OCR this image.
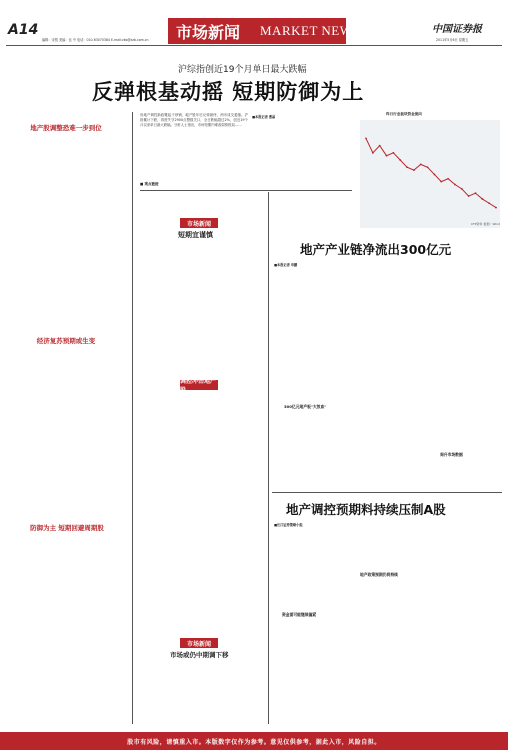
A14
编辑：宋银 美编：伍 中 电话：010-63070384 E-mail:zbs@zzb.com.cn 市场新闻 MARKET NEWS	中国证券报
2011年5月6日 星期五
沪综指创近19个月单日最大跌幅
反弹根基动摇 短期防御为上
地产股调整恐难一步到位
经济复苏预期或生变
防御为主 短期回避周期股
房地产调控新政靴起于砂锅，地产股年后反弹最终，两市成交萎缩。沪指累计下跌，再度失守2900点整数关口，全日跌幅超过2%，创近19个月以来单日最大跌幅。分析人士指出，市场短期内难改弱势格局……
■本报记者 曹晶
昨日行业板块资金流向
CFP资料 数据：Wind
■ 观点链接
市场新闻
短期宜谨慎
调控冲击地产股
市场新闻
市场或仍中期调下移
地产产业链净流出300亿元
■本报记者 申鹏
300亿元地产板"大放血"
周升市场数据
地产调控预期料持续压制A股
■长江证券策略小组
资金面可能继续偏紧
地产政策预期仍将持续
股市有风险，请慎重入市。本版数字仅作为参考。意见仅供参考，据此入市，风险自担。
